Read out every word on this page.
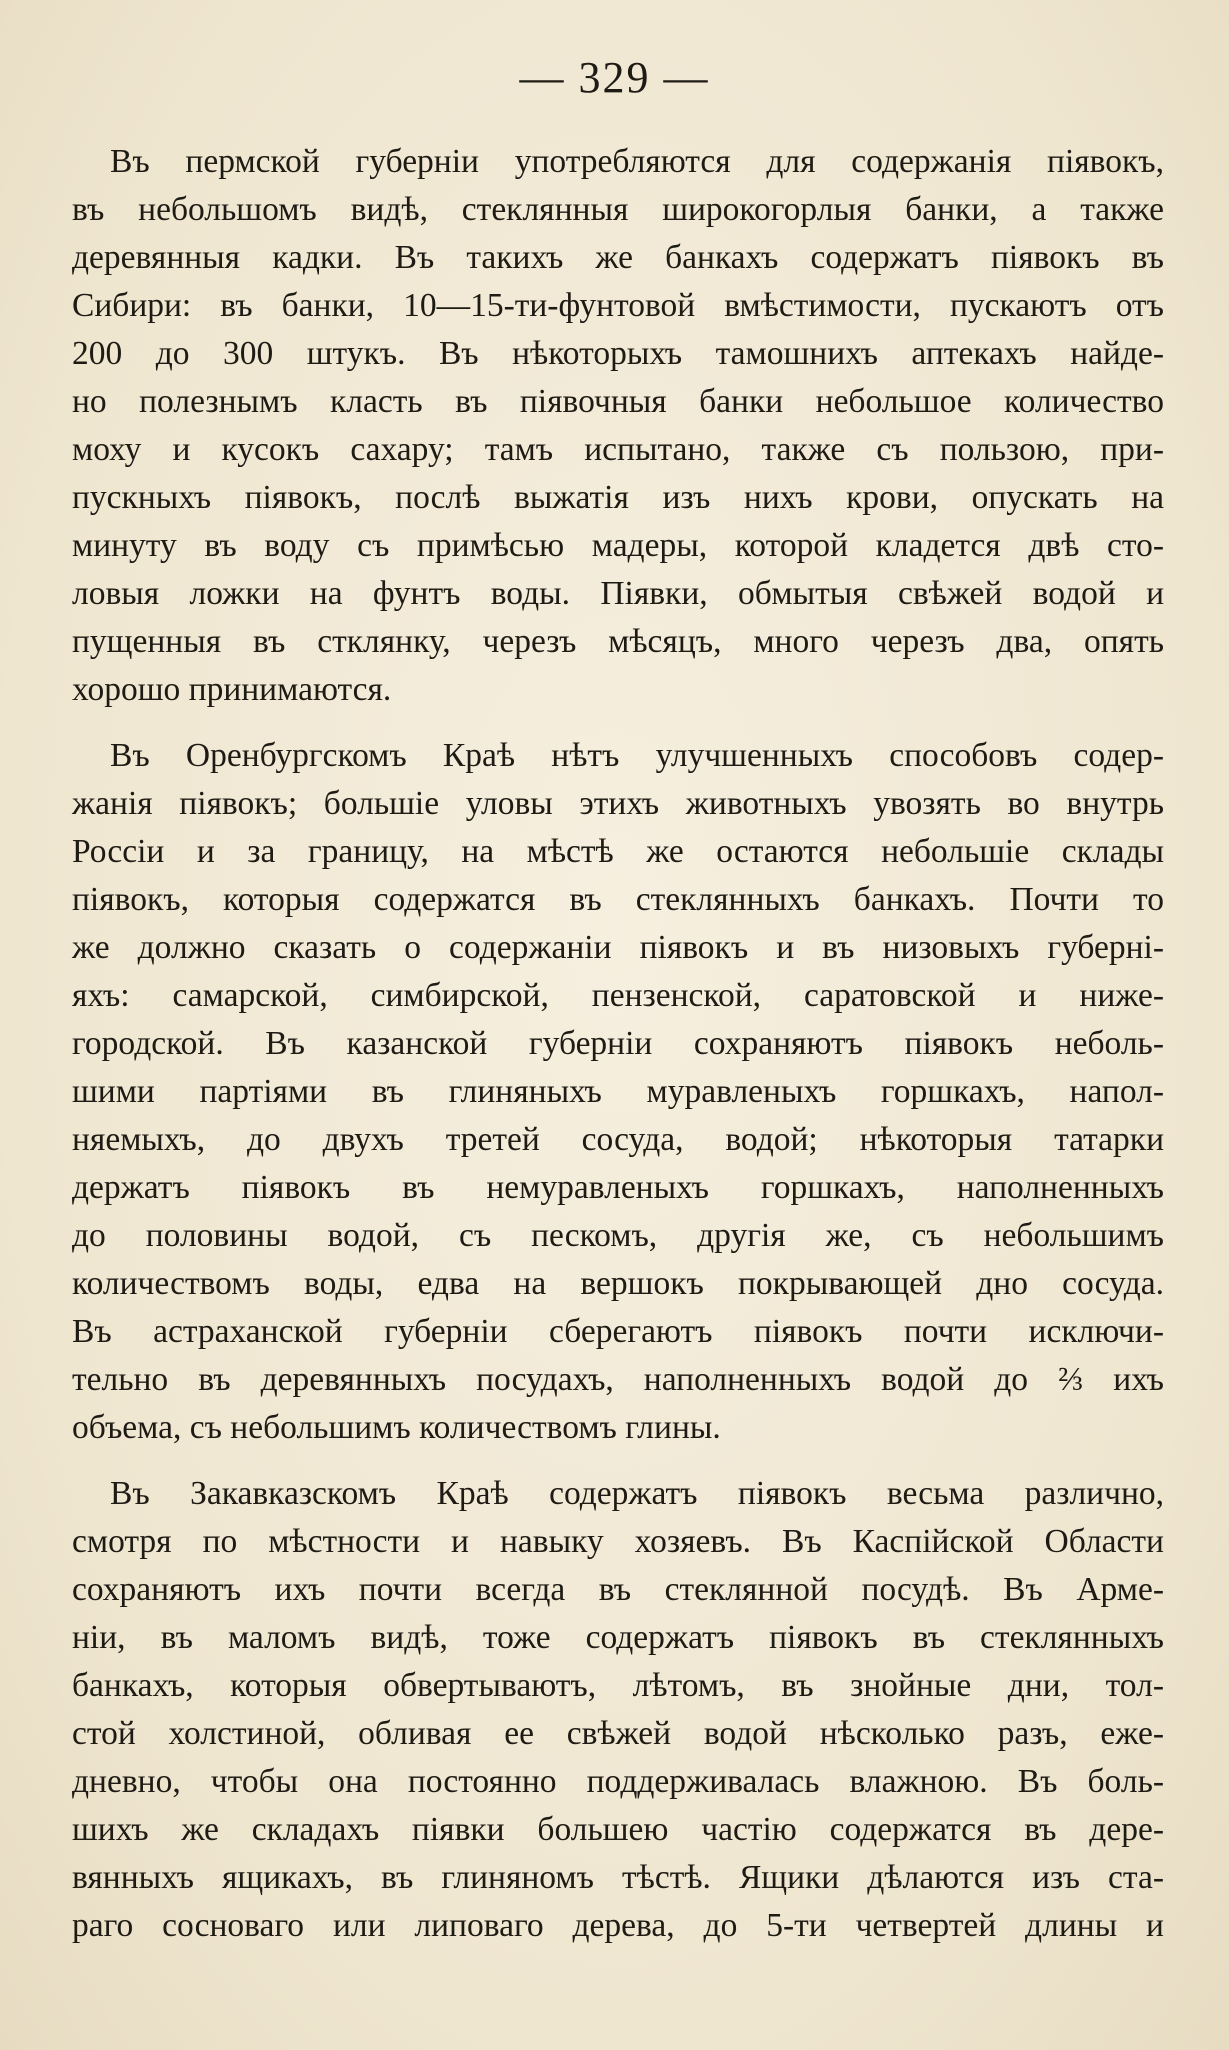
— 329 —

Въ пермской губерніи употребляются для содержанія піявокъ,
въ небольшомъ видѣ, стеклянныя широкогорлыя банки, а также
деревянныя кадки. Въ такихъ же банкахъ содержатъ піявокъ въ
Сибири: въ банки, 10—15-ти-фунтовой вмѣстимости, пускаютъ отъ
200 до 300 штукъ. Въ нѣкоторыхъ тамошнихъ аптекахъ найде-
но полезнымъ класть въ піявочныя банки небольшое количество
моху и кусокъ сахару; тамъ испытано, также съ пользою, при-
пускныхъ піявокъ, послѣ выжатія изъ нихъ крови, опускать на
минуту въ воду съ примѣсью мадеры, которой кладется двѣ сто-
ловыя ложки на фунтъ воды. Піявки, обмытыя свѣжей водой и
пущенныя въ стклянку, черезъ мѣсяцъ, много черезъ два, опять
хорошо принимаются.

Въ Оренбургскомъ Краѣ нѣтъ улучшенныхъ способовъ содер-
жанія піявокъ; большіе уловы этихъ животныхъ увозять во внутрь
Россіи и за границу, на мѣстѣ же остаются небольшіе склады
піявокъ, которыя содержатся въ стеклянныхъ банкахъ. Почти то
же должно сказать о содержаніи піявокъ и въ низовыхъ губерні-
яхъ: самарской, симбирской, пензенской, саратовской и ниже-
городской. Въ казанской губерніи сохраняютъ піявокъ неболь-
шими партіями въ глиняныхъ муравленыхъ горшкахъ, напол-
няемыхъ, до двухъ третей сосуда, водой; нѣкоторыя татарки
держатъ піявокъ въ немуравленыхъ горшкахъ, наполненныхъ
до половины водой, съ пескомъ, другія же, съ небольшимъ
количествомъ воды, едва на вершокъ покрывающей дно сосуда.
Въ астраханской губерніи сберегаютъ піявокъ почти исключи-
тельно въ деревянныхъ посудахъ, наполненныхъ водой до ⅔ ихъ
объема, съ небольшимъ количествомъ глины.

Въ Закавказскомъ Краѣ содержатъ піявокъ весьма различно,
смотря по мѣстности и навыку хозяевъ. Въ Каспійской Области
сохраняютъ ихъ почти всегда въ стеклянной посудѣ. Въ Арме-
ніи, въ маломъ видѣ, тоже содержатъ піявокъ въ стеклянныхъ
банкахъ, которыя обвертываютъ, лѣтомъ, въ знойные дни, тол-
стой холстиной, обливая ее свѣжей водой нѣсколько разъ, еже-
дневно, чтобы она постоянно поддерживалась влажною. Въ боль-
шихъ же складахъ піявки большею частію содержатся въ дере-
вянныхъ ящикахъ, въ глиняномъ тѣстѣ. Ящики дѣлаются изъ ста-
раго сосноваго или липоваго дерева, до 5-ти четвертей длины и
